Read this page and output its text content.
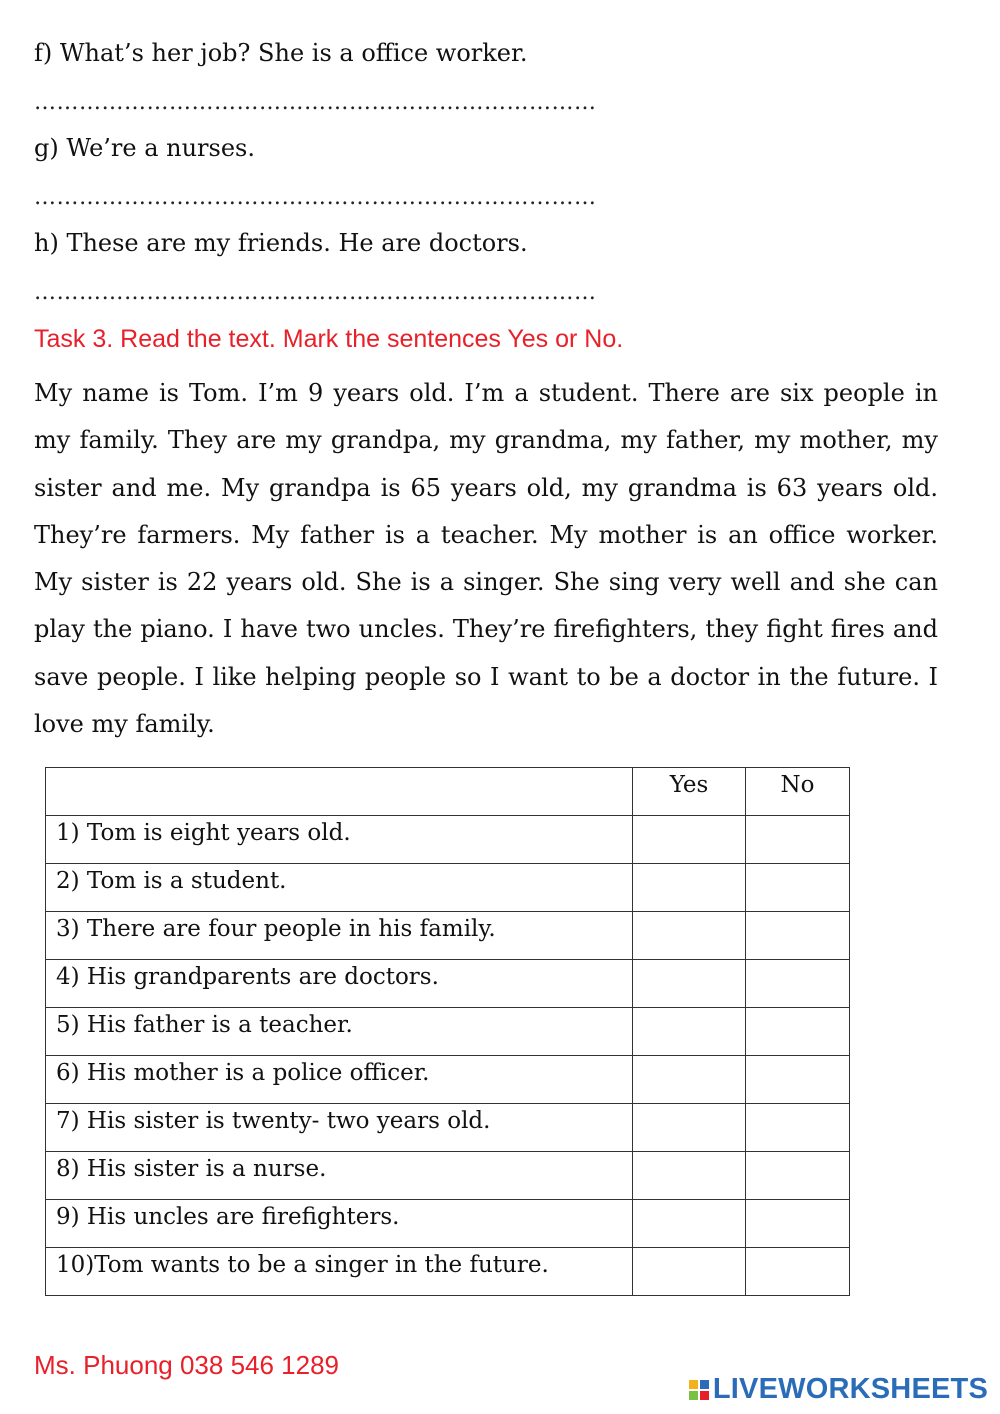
f) What’s her job? She is a office worker.
…………………………………………………………………
g) We’re a nurses.
…………………………………………………………………
h) These are my friends. He are doctors.
…………………………………………………………………
Task 3. Read the text. Mark the sentences Yes or No.
My name is Tom. I’m 9 years old. I’m a student. There are six people in my family. They are my grandpa, my grandma, my father, my mother, my sister and me. My grandpa is 65 years old, my grandma is 63 years old. They’re farmers. My father is a teacher. My mother is an office worker. My sister is 22 years old. She is a singer. She sing very well and she can play the piano. I have two uncles. They’re firefighters, they fight fires and save people. I like helping people so I want to be a doctor in the future. I love my family.
	Yes	No
1) Tom is eight years old.		
2) Tom is a student.		
3) There are four people in his family.		
4) His grandparents are doctors.		
5) His father is a teacher.		
6) His mother is a police officer.		
7) His sister is twenty- two years old.		
8) His sister is a nurse.		
9) His uncles are firefighters.		
10)Tom wants to be a singer in the future.		
Ms. Phuong 038 546 1289
LIVEWORKSHEETS
